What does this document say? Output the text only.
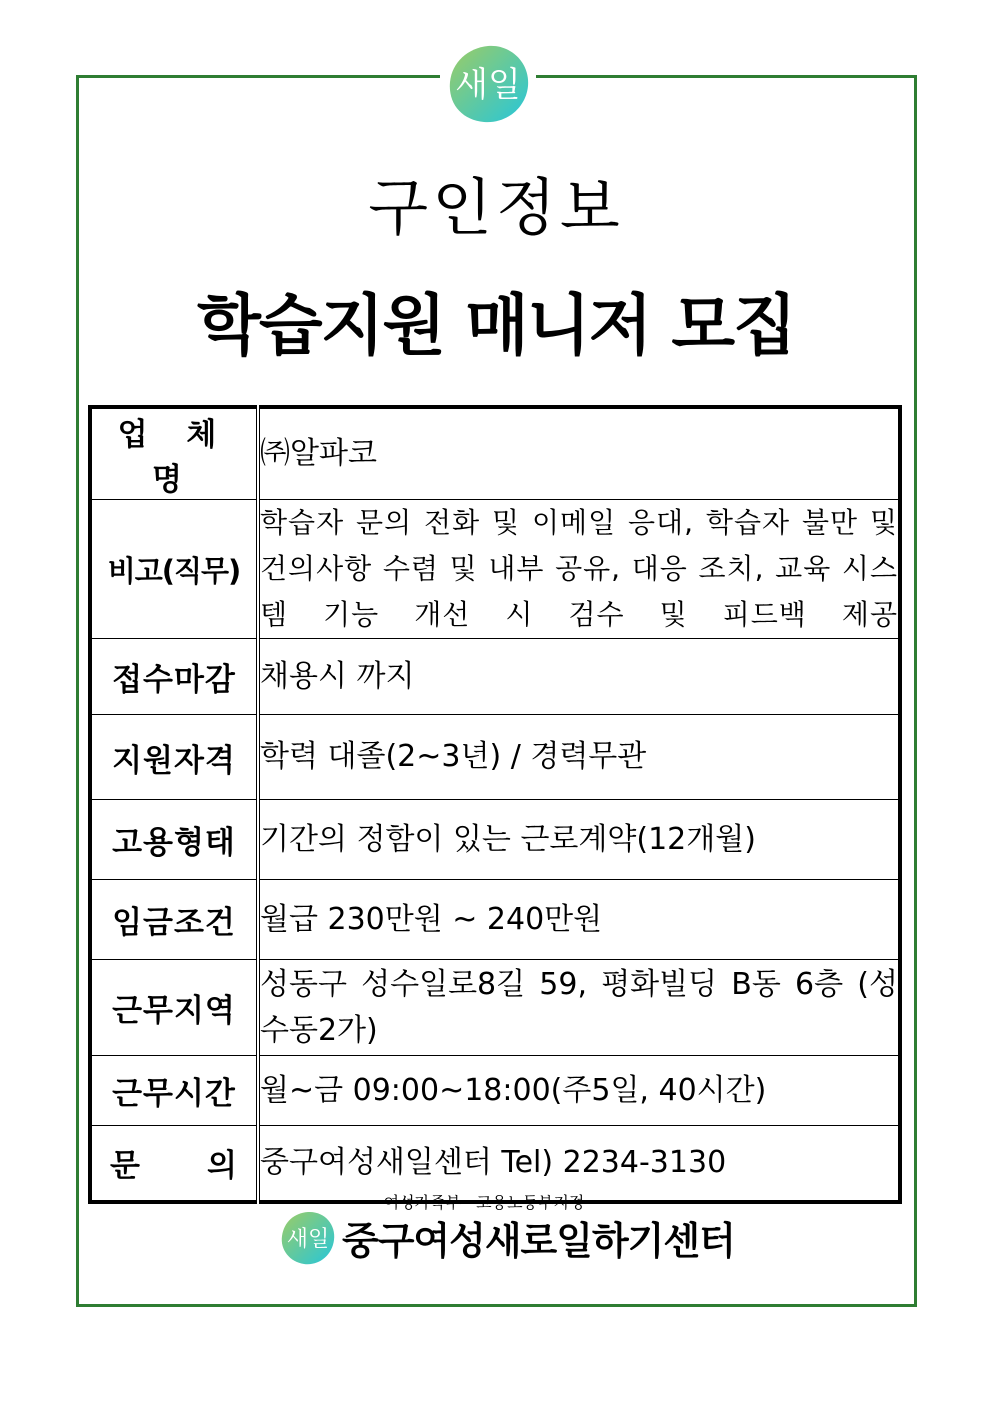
새일
구인정보
학습지원 매니저 모집
업 체 명	㈜알파코
비고(직무)	학습자 문의 전화 및 이메일 응대, 학습자 불만 및 건의사항 수렴 및 내부 공유, 대응 조치, 교육 시스템 기능 개선 시 검수 및 피드백 제공
접수마감	채용시 까지
지원자격	학력 대졸(2~3년) / 경력무관
고용형태	기간의 정함이 있는 근로계약(12개월)
임금조건	월급 230만원 ~ 240만원
근무지역	성동구 성수일로8길 59, 평화빌딩 B동 6층 (성수동2가)
근무시간	월~금 09:00~18:00(주5일, 40시간)
문 의	중구여성새일센터 Tel) 2234-3130
여성가족부 · 고용노동부지정
새일 중구여성새로일하기센터
